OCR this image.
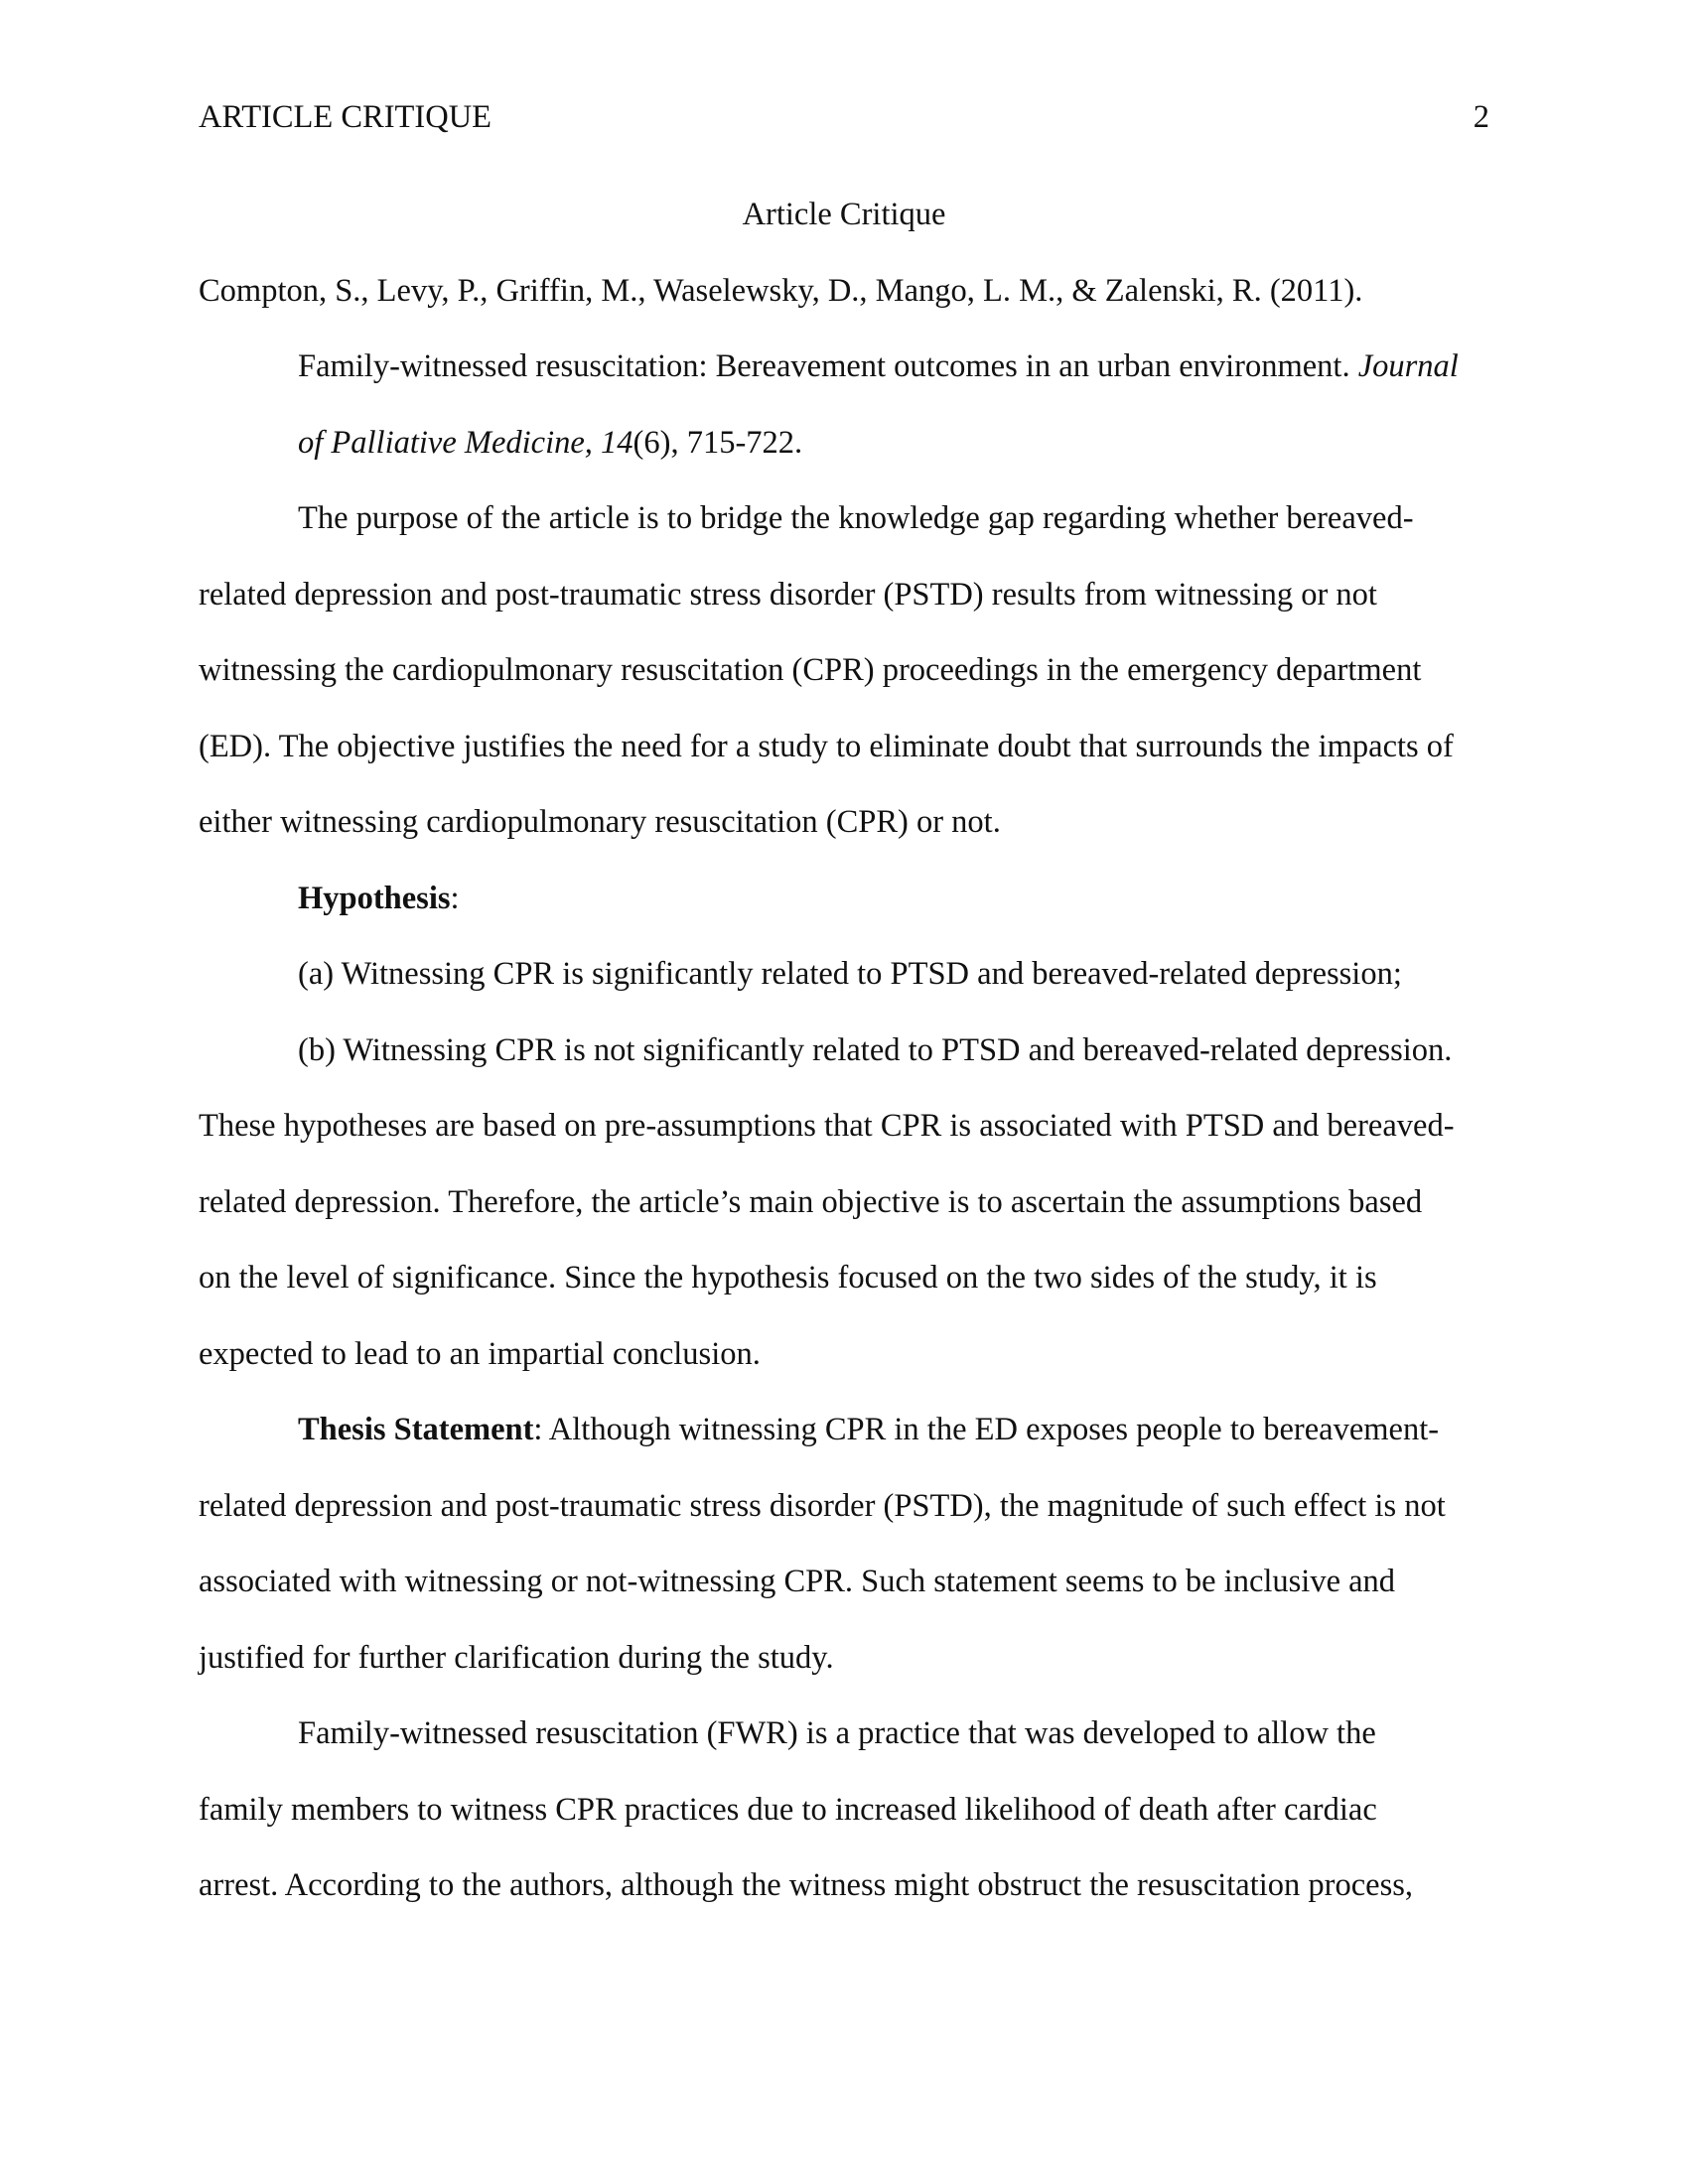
ARTICLE CRITIQUE	2
Article Critique
Compton, S., Levy, P., Griffin, M., Waselewsky, D., Mango, L. M., & Zalenski, R. (2011).
Family-witnessed resuscitation: Bereavement outcomes in an urban environment. Journal
of Palliative Medicine, 14(6), 715-722.
The purpose of the article is to bridge the knowledge gap regarding whether bereaved-
related depression and post-traumatic stress disorder (PSTD) results from witnessing or not
witnessing the cardiopulmonary resuscitation (CPR) proceedings in the emergency department
(ED). The objective justifies the need for a study to eliminate doubt that surrounds the impacts of
either witnessing cardiopulmonary resuscitation (CPR) or not.
Hypothesis:
(a) Witnessing CPR is significantly related to PTSD and bereaved-related depression;
(b) Witnessing CPR is not significantly related to PTSD and bereaved-related depression.
These hypotheses are based on pre-assumptions that CPR is associated with PTSD and bereaved-
related depression. Therefore, the article’s main objective is to ascertain the assumptions based
on the level of significance. Since the hypothesis focused on the two sides of the study, it is
expected to lead to an impartial conclusion.
Thesis Statement: Although witnessing CPR in the ED exposes people to bereavement-
related depression and post-traumatic stress disorder (PSTD), the magnitude of such effect is not
associated with witnessing or not-witnessing CPR. Such statement seems to be inclusive and
justified for further clarification during the study.
Family-witnessed resuscitation (FWR) is a practice that was developed to allow the
family members to witness CPR practices due to increased likelihood of death after cardiac
arrest. According to the authors, although the witness might obstruct the resuscitation process,
